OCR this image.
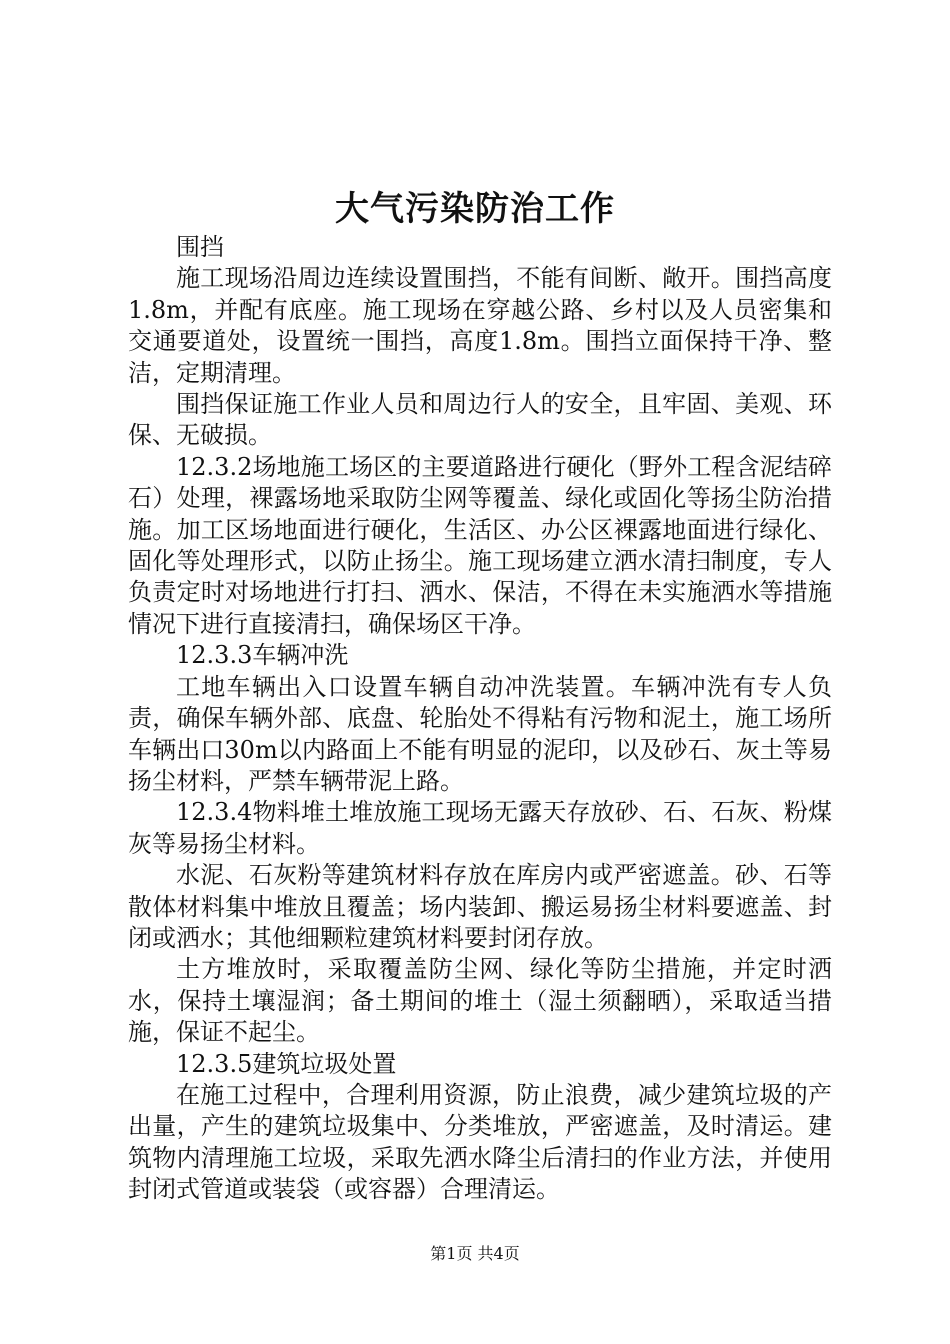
大气污染防治工作

围挡

施工现场沿周边连续设置围挡，不能有间断、敞开。围挡高度1.8m，并配有底座。施工现场在穿越公路、乡村以及人员密集和交通要道处，设置统一围挡，高度1.8m。围挡立面保持干净、整洁，定期清理。

围挡保证施工作业人员和周边行人的安全，且牢固、美观、环保、无破损。

12.3.2场地施工场区的主要道路进行硬化（野外工程含泥结碎石）处理，裸露场地采取防尘网等覆盖、绿化或固化等扬尘防治措施。加工区场地面进行硬化，生活区、办公区裸露地面进行绿化、固化等处理形式，以防止扬尘。施工现场建立洒水清扫制度，专人负责定时对场地进行打扫、洒水、保洁，不得在未实施洒水等措施情况下进行直接清扫，确保场区干净。

12.3.3车辆冲洗

工地车辆出入口设置车辆自动冲洗装置。车辆冲洗有专人负责，确保车辆外部、底盘、轮胎处不得粘有污物和泥土，施工场所车辆出口30m以内路面上不能有明显的泥印，以及砂石、灰土等易扬尘材料，严禁车辆带泥上路。

12.3.4物料堆土堆放施工现场无露天存放砂、石、石灰、粉煤灰等易扬尘材料。

水泥、石灰粉等建筑材料存放在库房内或严密遮盖。砂、石等散体材料集中堆放且覆盖；场内装卸、搬运易扬尘材料要遮盖、封闭或洒水；其他细颗粒建筑材料要封闭存放。

土方堆放时，采取覆盖防尘网、绿化等防尘措施，并定时洒水，保持土壤湿润；备土期间的堆土（湿土须翻晒），采取适当措施，保证不起尘。

12.3.5建筑垃圾处置

在施工过程中，合理利用资源，防止浪费，减少建筑垃圾的产出量，产生的建筑垃圾集中、分类堆放，严密遮盖，及时清运。建筑物内清理施工垃圾，采取先洒水降尘后清扫的作业方法，并使用封闭式管道或装袋（或容器）合理清运。

第1页 共4页
